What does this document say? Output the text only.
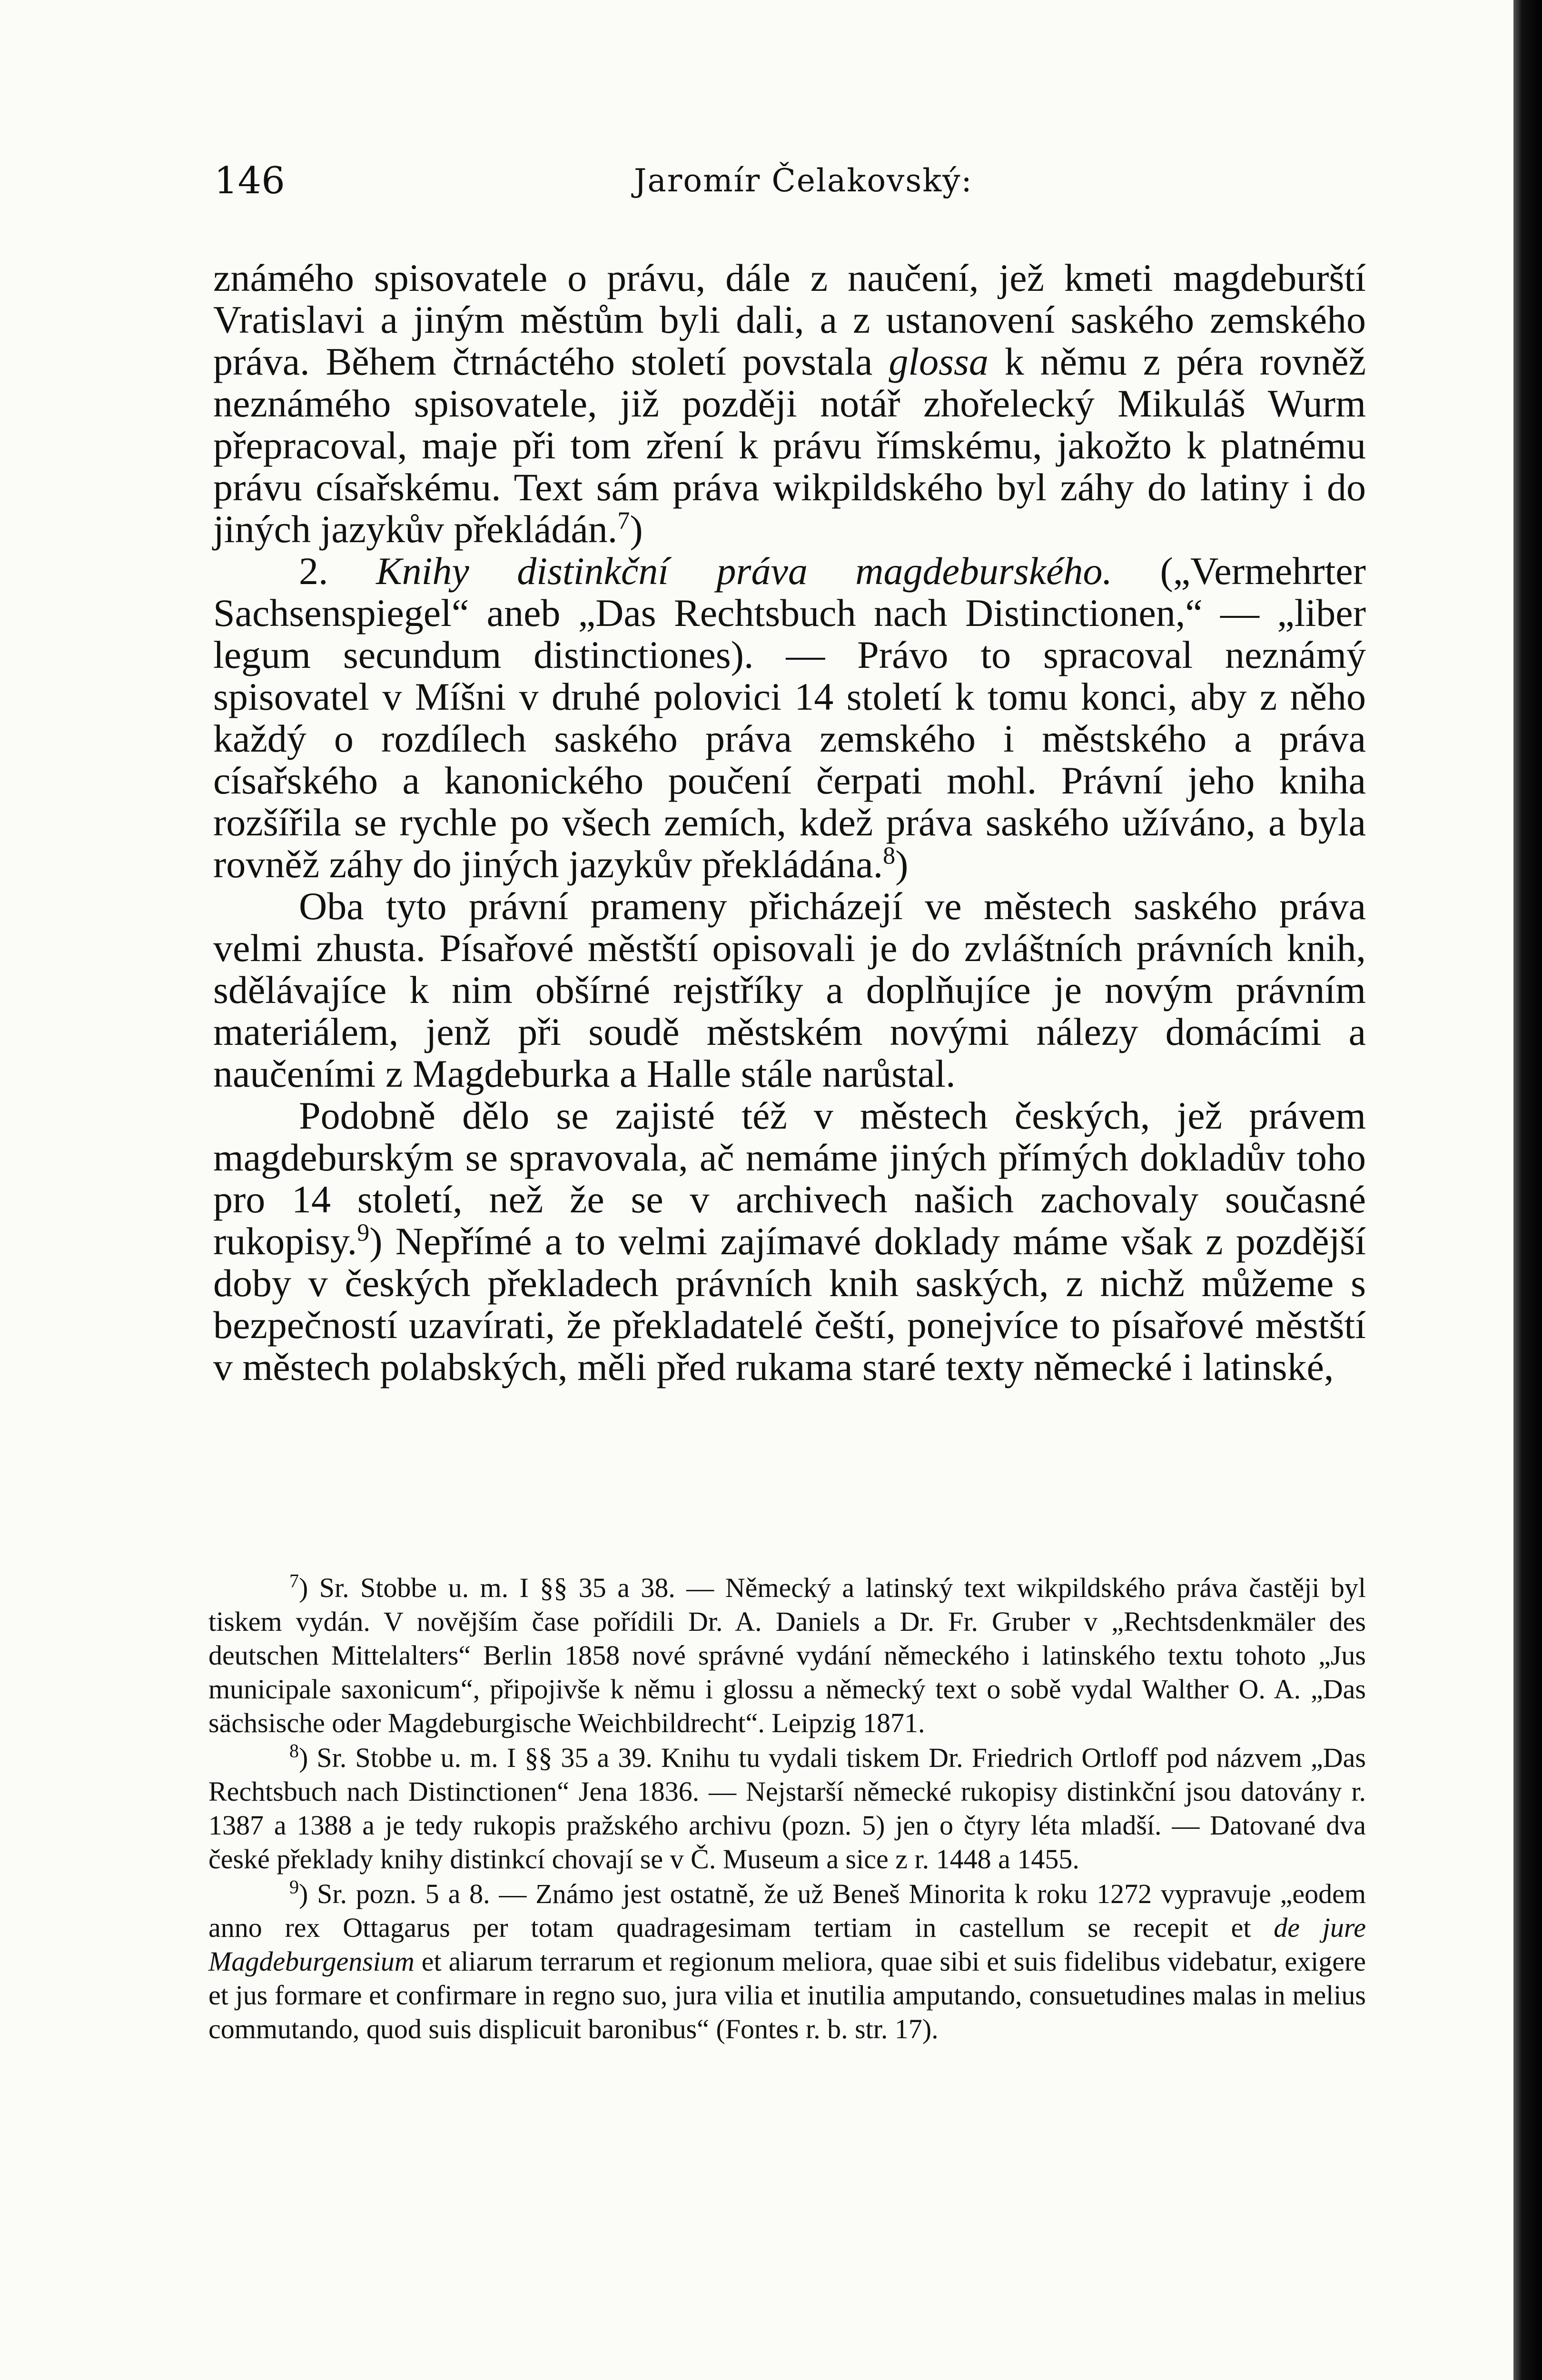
146	Jaromír Čelakovský:

známého spisovatele o právu, dále z naučení, jež kmeti magdeburští Vratislavi a jiným městům byli dali, a z ustanovení saského zemského práva. Během čtrnáctého století povstala glossa k němu z péra rovněž neznámého spisovatele, již později notář zhořelecký Mikuláš Wurm přepracoval, maje při tom zření k právu římskému, jakožto k platnému právu císařskému. Text sám práva wikpildského byl záhy do latiny i do jiných jazykův překládán.$^7$)

2. Knihy distinkční práva magdeburského. („Vermehrter Sachsenspiegel“ aneb „Das Rechtsbuch nach Distinctionen,“ — „liber legum secundum distinctiones). — Právo to spracoval neznámý spisovatel v Míšni v druhé polovici 14 století k tomu konci, aby z něho každý o rozdílech saského práva zemského i městského a práva císařského a kanonického poučení čerpati mohl. Právní jeho kniha rozšířila se rychle po všech zemích, kdež práva saského užíváno, a byla rovněž záhy do jiných jazykův překládána.$^8$)

Oba tyto právní prameny přicházejí ve městech saského práva velmi zhusta. Písařové městští opisovali je do zvláštních právních knih, sdělávajíce k nim obšírné rejstříky a doplňujíce je novým právním materiálem, jenž při soudě městském novými nálezy domácími a naučeními z Magdeburka a Halle stále narůstal.

Podobně dělo se zajisté též v městech českých, jež právem magdeburským se spravovala, ač nemáme jiných přímých dokladův toho pro 14 století, než že se v archivech našich zachovaly současné rukopisy.$^9$) Nepřímé a to velmi zajímavé doklady máme však z pozdější doby v českých překladech právních knih saských, z nichž můžeme s bezpečností uzavírati, že překladatelé čeští, ponejvíce to písařové městští v městech polabských, měli před rukama staré texty německé i latinské,

$^7$) Sr. Stobbe u. m. I §§ 35 a 38. — Německý a latinský text wikpildského práva častěji byl tiskem vydán. V novějším čase pořídili Dr. A. Daniels a Dr. Fr. Gruber v „Rechtsdenkmäler des deutschen Mittelalters“ Berlin 1858 nové správné vydání německého i latinského textu tohoto „Jus municipale saxonicum“, připojivše k němu i glossu a německý text o sobě vydal Walther O. A. „Das sächsische oder Magdeburgische Weichbildrecht“. Leipzig 1871.

$^8$) Sr. Stobbe u. m. I §§ 35 a 39. Knihu tu vydali tiskem Dr. Friedrich Ortloff pod názvem „Das Rechtsbuch nach Distinctionen“ Jena 1836. — Nejstarší německé rukopisy distinkční jsou datovány r. 1387 a 1388 a je tedy rukopis pražského archivu (pozn. 5) jen o čtyry léta mladší. — Datované dva české překlady knihy distinkcí chovají se v Č. Museum a sice z r. 1448 a 1455.

$^9$) Sr. pozn. 5 a 8. — Známo jest ostatně, že už Beneš Minorita k roku 1272 vypravuje „eodem anno rex Ottagarus per totam quadragesimam tertiam in castellum se recepit et de jure Magdeburgensium et aliarum terrarum et regionum meliora, quae sibi et suis fidelibus videbatur, exigere et jus formare et confirmare in regno suo, jura vilia et inutilia amputando, consuetudines malas in melius commutando, quod suis displicuit baronibus“ (Fontes r. b. str. 17).
